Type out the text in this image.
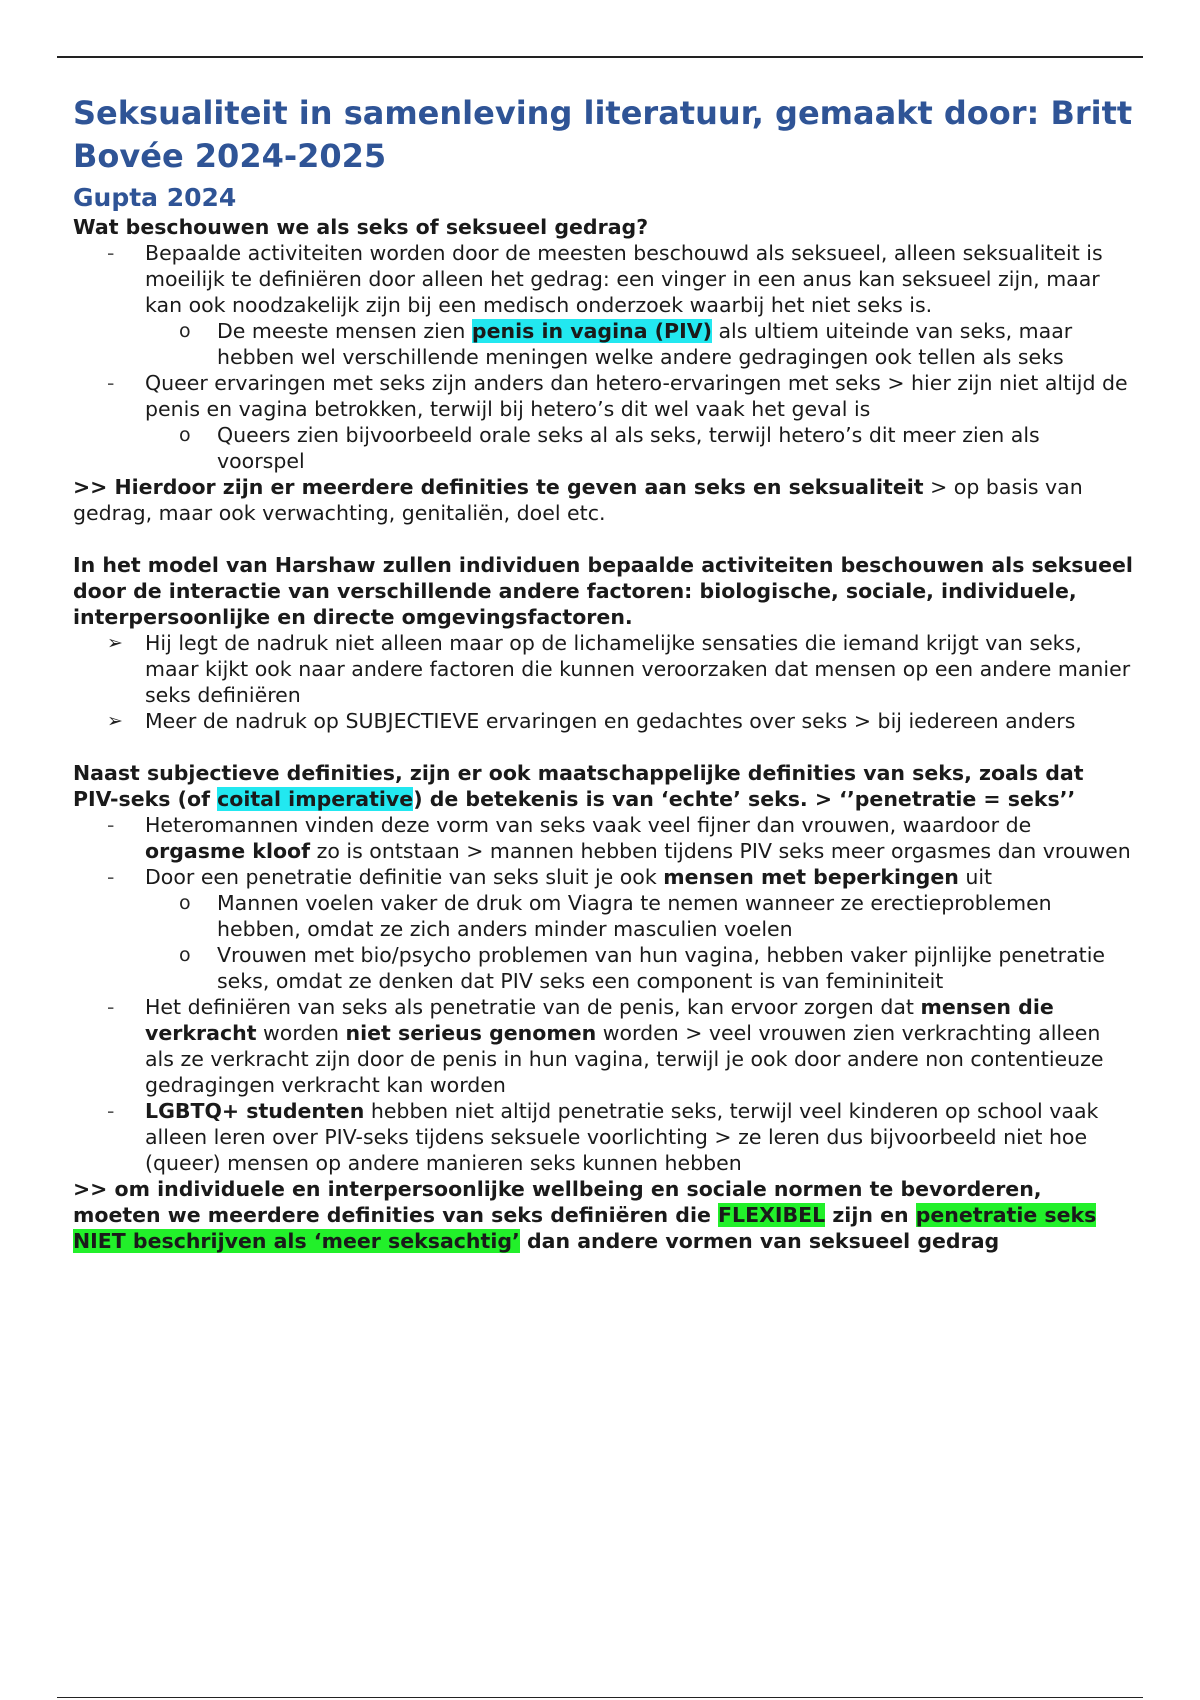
Seksualiteit in samenleving literatuur, gemaakt door: Britt Bovée 2024-2025
Gupta 2024

Wat beschouwen we als seks of seksueel gedrag?

-	Bepaalde activiteiten worden door de meesten beschouwd als seksueel, alleen seksualiteit is moeilijk te definiëren door alleen het gedrag: een vinger in een anus kan seksueel zijn, maar kan ook noodzakelijk zijn bij een medisch onderzoek waarbij het niet seks is.
o	De meeste mensen zien penis in vagina (PIV) als ultiem uiteinde van seks, maar hebben wel verschillende meningen welke andere gedragingen ook tellen als seks
-	Queer ervaringen met seks zijn anders dan hetero-ervaringen met seks > hier zijn niet altijd de penis en vagina betrokken, terwijl bij hetero’s dit wel vaak het geval is
o	Queers zien bijvoorbeeld orale seks al als seks, terwijl hetero’s dit meer zien als voorspel

>> Hierdoor zijn er meerdere definities te geven aan seks en seksualiteit > op basis van gedrag, maar ook verwachting, genitaliën, doel etc.

In het model van Harshaw zullen individuen bepaalde activiteiten beschouwen als seksueel door de interactie van verschillende andere factoren: biologische, sociale, individuele, interpersoonlijke en directe omgevingsfactoren.

➢ Hij legt de nadruk niet alleen maar op de lichamelijke sensaties die iemand krijgt van seks, maar kijkt ook naar andere factoren die kunnen veroorzaken dat mensen op een andere manier seks definiëren
➢ Meer de nadruk op SUBJECTIEVE ervaringen en gedachtes over seks > bij iedereen anders

Naast subjectieve definities, zijn er ook maatschappelijke definities van seks, zoals dat PIV-seks (of coital imperative) de betekenis is van ‘echte’ seks. > ‘’penetratie = seks’’

-	Heteromannen vinden deze vorm van seks vaak veel fijner dan vrouwen, waardoor de orgasme kloof zo is ontstaan > mannen hebben tijdens PIV seks meer orgasmes dan vrouwen
-	Door een penetratie definitie van seks sluit je ook mensen met beperkingen uit
o	Mannen voelen vaker de druk om Viagra te nemen wanneer ze erectieproblemen hebben, omdat ze zich anders minder masculien voelen
o	Vrouwen met bio/psycho problemen van hun vagina, hebben vaker pijnlijke penetratie seks, omdat ze denken dat PIV seks een component is van femininiteit
-	Het definiëren van seks als penetratie van de penis, kan ervoor zorgen dat mensen die verkracht worden niet serieus genomen worden > veel vrouwen zien verkrachting alleen als ze verkracht zijn door de penis in hun vagina, terwijl je ook door andere non contentieuze gedragingen verkracht kan worden
-	LGBTQ+ studenten hebben niet altijd penetratie seks, terwijl veel kinderen op school vaak alleen leren over PIV-seks tijdens seksuele voorlichting > ze leren dus bijvoorbeeld niet hoe (queer) mensen op andere manieren seks kunnen hebben

>> om individuele en interpersoonlijke wellbeing en sociale normen te bevorderen, moeten we meerdere definities van seks definiëren die FLEXIBEL zijn en penetratie seks NIET beschrijven als ‘meer seksachtig’ dan andere vormen van seksueel gedrag
